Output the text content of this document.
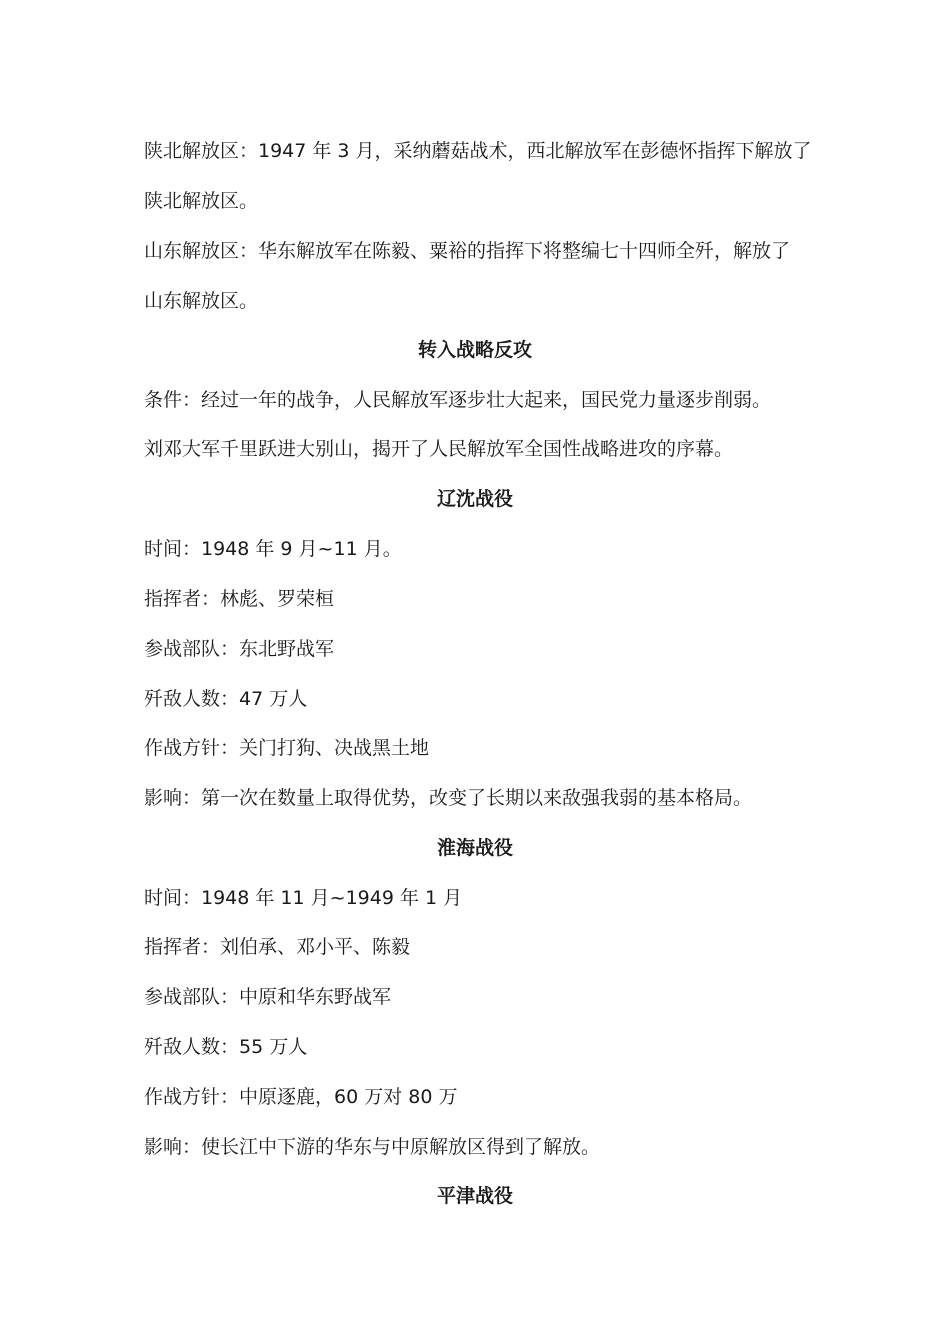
陕北解放区：1947 年 3 月，采纳蘑菇战术，西北解放军在彭德怀指挥下解放了
陕北解放区。
山东解放区：华东解放军在陈毅、粟裕的指挥下将整编七十四师全歼，解放了
山东解放区。
转入战略反攻
条件：经过一年的战争，人民解放军逐步壮大起来，国民党力量逐步削弱。
刘邓大军千里跃进大别山，揭开了人民解放军全国性战略进攻的序幕。
辽沈战役
时间：1948 年 9 月~11 月。
指挥者：林彪、罗荣桓
参战部队：东北野战军
歼敌人数：47 万人
作战方针：关门打狗、决战黑土地
影响：第一次在数量上取得优势，改变了长期以来敌强我弱的基本格局。
淮海战役
时间：1948 年 11 月~1949 年 1 月
指挥者：刘伯承、邓小平、陈毅
参战部队：中原和华东野战军
歼敌人数：55 万人
作战方针：中原逐鹿，60 万对 80 万
影响：使长江中下游的华东与中原解放区得到了解放。
平津战役
